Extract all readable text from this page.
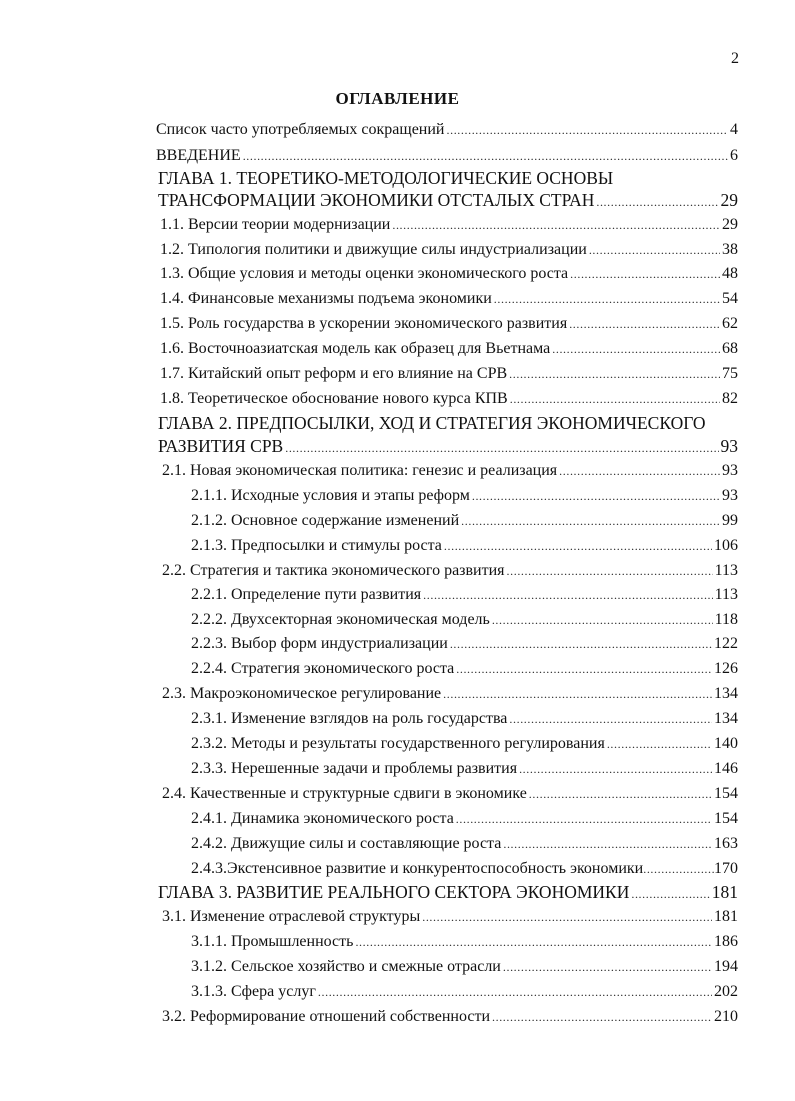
2
ОГЛАВЛЕНИЕ
Список часто употребляемых сокращений .....	4
ВВЕДЕНИЕ .....	6
ГЛАВА 1. ТЕОРЕТИКО-МЕТОДОЛОГИЧЕСКИЕ ОСНОВЫ
ТРАНСФОРМАЦИИ ЭКОНОМИКИ ОТСТАЛЫХ СТРАН .....	29
1.1. Версии теории модернизации .....	29
1.2. Типология политики и движущие силы индустриализации .....	38
1.3. Общие условия и методы оценки экономического роста .....	48
1.4. Финансовые механизмы подъема экономики .....	54
1.5. Роль государства в ускорении экономического развития .....	62
1.6. Восточноазиатская модель как образец для Вьетнама .....	68
1.7. Китайский опыт реформ и его влияние на СРВ .....	75
1.8. Теоретическое обоснование нового курса КПВ .....	82
ГЛАВА 2. ПРЕДПОСЫЛКИ, ХОД И СТРАТЕГИЯ ЭКОНОМИЧЕСКОГО
РАЗВИТИЯ СРВ .....	93
2.1. Новая экономическая политика: генезис и реализация .....	93
2.1.1. Исходные условия и этапы реформ .....	93
2.1.2. Основное содержание изменений .....	99
2.1.3. Предпосылки и стимулы роста .....	106
2.2. Стратегия и тактика экономического развития .....	113
2.2.1. Определение пути развития .....	113
2.2.2. Двухсекторная экономическая модель .....	118
2.2.3. Выбор форм индустриализации .....	122
2.2.4. Стратегия экономического роста .....	126
2.3. Макроэкономическое регулирование .....	134
2.3.1. Изменение взглядов на роль государства .....	134
2.3.2. Методы и результаты государственного регулирования .....	140
2.3.3. Нерешенные задачи и проблемы развития .....	146
2.4. Качественные и структурные сдвиги в экономике .....	154
2.4.1. Динамика экономического роста .....	154
2.4.2. Движущие силы и составляющие роста .....	163
2.4.3.Экстенсивное развитие и конкурентоспособность экономики .....	170
ГЛАВА 3. РАЗВИТИЕ РЕАЛЬНОГО СЕКТОРА ЭКОНОМИКИ .....	181
3.1. Изменение отраслевой структуры .....	181
3.1.1. Промышленность .....	186
3.1.2. Сельское хозяйство и смежные отрасли .....	194
3.1.3. Сфера услуг .....	202
3.2. Реформирование отношений собственности .....	210
